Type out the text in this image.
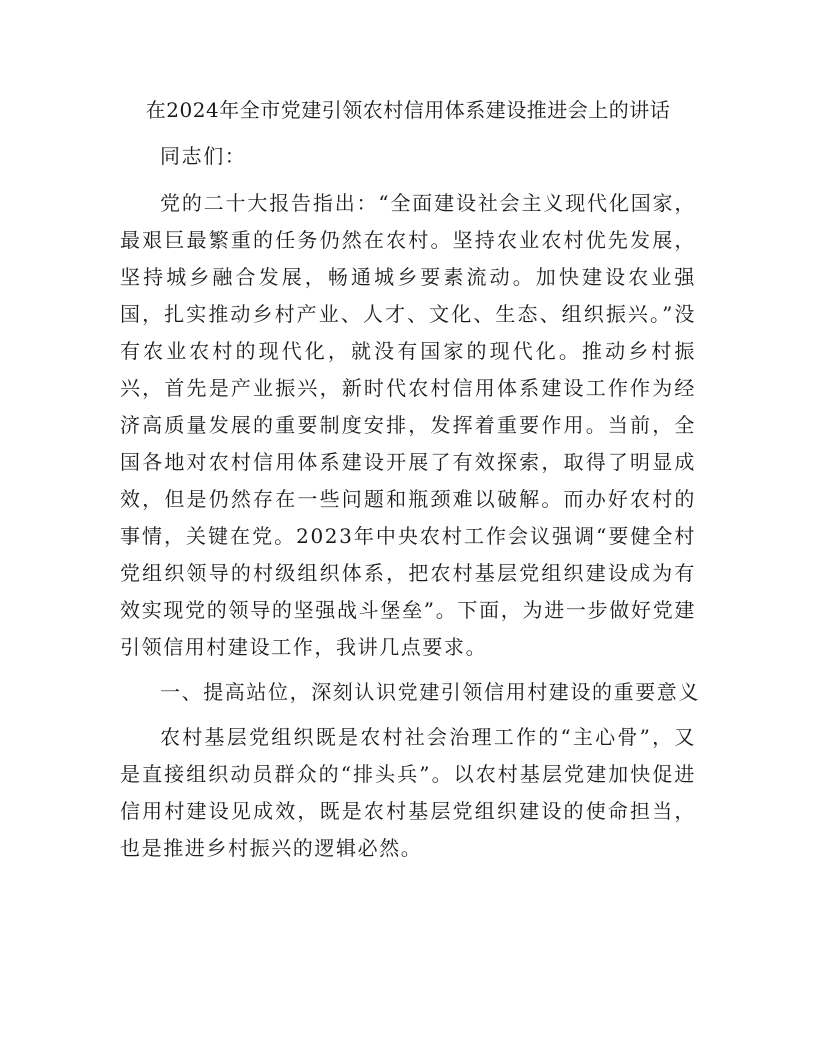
在2024年全市党建引领农村信用体系建设推进会上的讲话
同志们：
党的二十大报告指出：“全面建设社会主义现代化国家，最艰巨最繁重的任务仍然在农村。坚持农业农村优先发展，坚持城乡融合发展，畅通城乡要素流动。加快建设农业强国，扎实推动乡村产业、人才、文化、生态、组织振兴。”没有农业农村的现代化，就没有国家的现代化。推动乡村振兴，首先是产业振兴，新时代农村信用体系建设工作作为经济高质量发展的重要制度安排，发挥着重要作用。当前，全国各地对农村信用体系建设开展了有效探索，取得了明显成效，但是仍然存在一些问题和瓶颈难以破解。而办好农村的事情，关键在党。2023年中央农村工作会议强调“要健全村党组织领导的村级组织体系，把农村基层党组织建设成为有效实现党的领导的坚强战斗堡垒”。下面，为进一步做好党建引领信用村建设工作，我讲几点要求。
一、提高站位，深刻认识党建引领信用村建设的重要意义
农村基层党组织既是农村社会治理工作的“主心骨”，又是直接组织动员群众的“排头兵”。以农村基层党建加快促进信用村建设见成效，既是农村基层党组织建设的使命担当，也是推进乡村振兴的逻辑必然。
